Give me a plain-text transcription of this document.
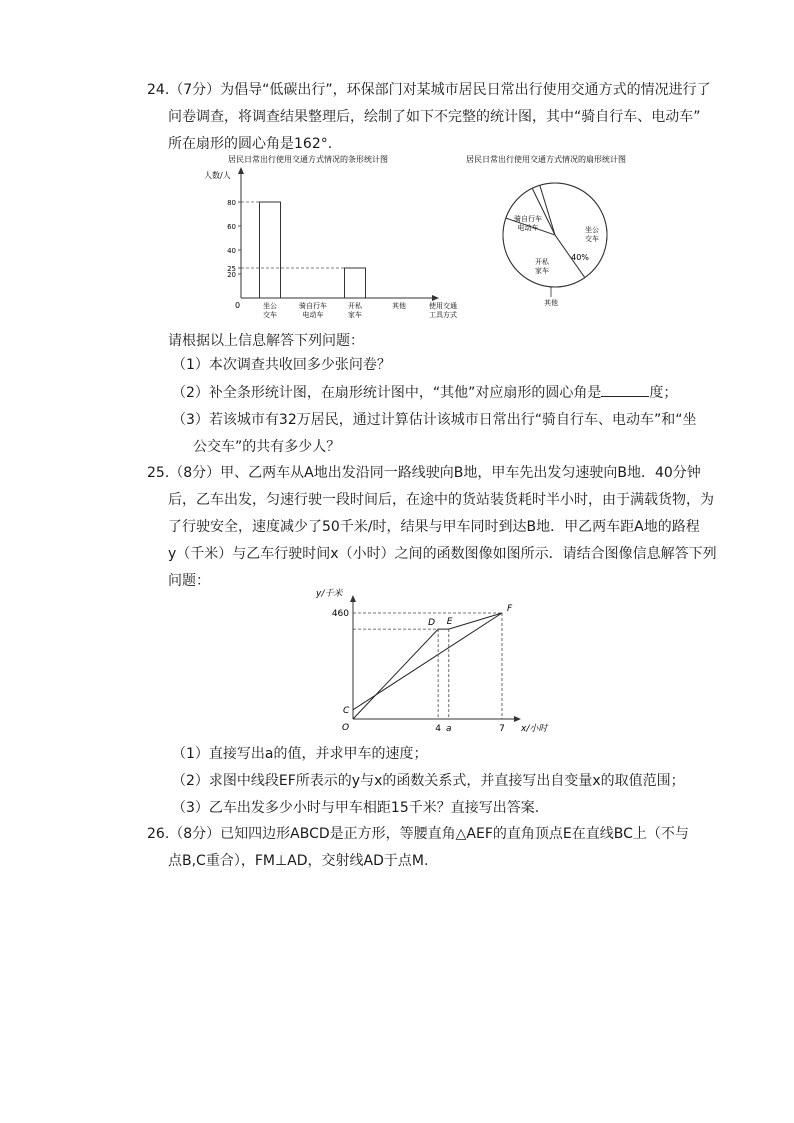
24.（7分）为倡导“低碳出行”，环保部门对某城市居民日常出行使用交通方式的情况进行了
问卷调查，将调查结果整理后，绘制了如下不完整的统计图，其中“骑自行车、电动车”
所在扇形的圆心角是162°.
居民日常出行使用交通方式情况的条形统计图
人数/人
0
80
60
40
25
20
坐公
交车
骑自行车
电动车
开私
家车
其他	使用交通
工具方式
居民日常出行使用交通方式情况的扇形统计图
骑自行车
电动车	坐公
交车
40%
开私
家车
其他
请根据以上信息解答下列问题：
（1）本次调查共收回多少张问卷？
（2）补全条形统计图，在扇形统计图中，“其他”对应扇形的圆心角是	度；
（3）若该城市有32万居民，通过计算估计该城市日常出行“骑自行车、电动车”和“坐
公交车”的共有多少人？
25.（8分）甲、乙两车从A地出发沿同一路线驶向B地，甲车先出发匀速驶向B地．40分钟
后，乙车出发，匀速行驶一段时间后，在途中的货站装货耗时半小时，由于满载货物，为
了行驶安全，速度减少了50千米/时，结果与甲车同时到达B地．甲乙两车距A地的路程
y（千米）与乙车行驶时间x（小时）之间的函数图像如图所示．请结合图像信息解答下列
问题：
y/千米
x/小时
4 a	7
460
O
C
D E
F
（1）直接写出a的值，并求甲车的速度；
（2）求图中线段EF所表示的y与x的函数关系式，并直接写出自变量x的取值范围；
（3）乙车出发多少小时与甲车相距15千米？直接写出答案.
26.（8分）已知四边形ABCD是正方形，等腰直角△AEF的直角顶点E在直线BC上（不与
点B,C重合），FM⊥AD，交射线AD于点M.
